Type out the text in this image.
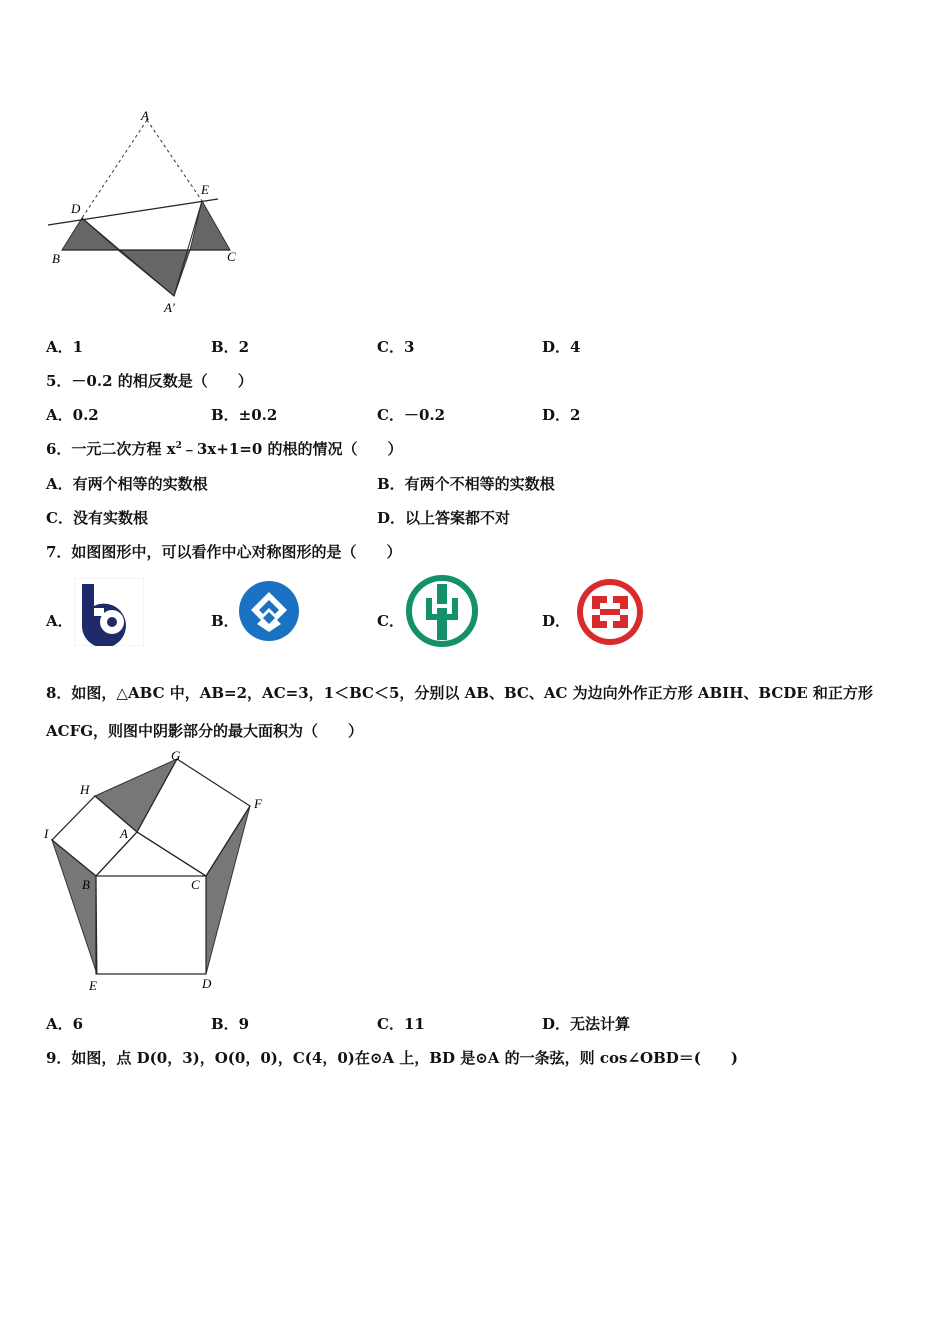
A
D
E
B	C
A′
A．1	B．2	C．3	D．4
5．－0.2 的相反数是（　　）
A．0.2	B．±0.2	C．－0.2	D．2
6．一元二次方程 $x^2﹣3x+1=0$ 的根的情况（　　）
A．有两个相等的实数根	B．有两个不相等的实数根
C．没有实数根	D．以上答案都不对
7．如图图形中，可以看作中心对称图形的是（　　）
A．	B．	C．	D．
8．如图，△ABC 中，AB=2，AC=3，1＜BC＜5，分别以 AB、BC、AC 为边向外作正方形 ABIH、BCDE 和正方形
ACFG，则图中阴影部分的最大面积为（　　）
G
H
F
I	A
B	C
E	D
A．6	B．9	C．11	D．无法计算
9．如图，点 D(0，3)，O(0，0)，C(4，0)在⊙A 上，BD 是⊙A 的一条弦，则 cos∠OBD＝(　　)
